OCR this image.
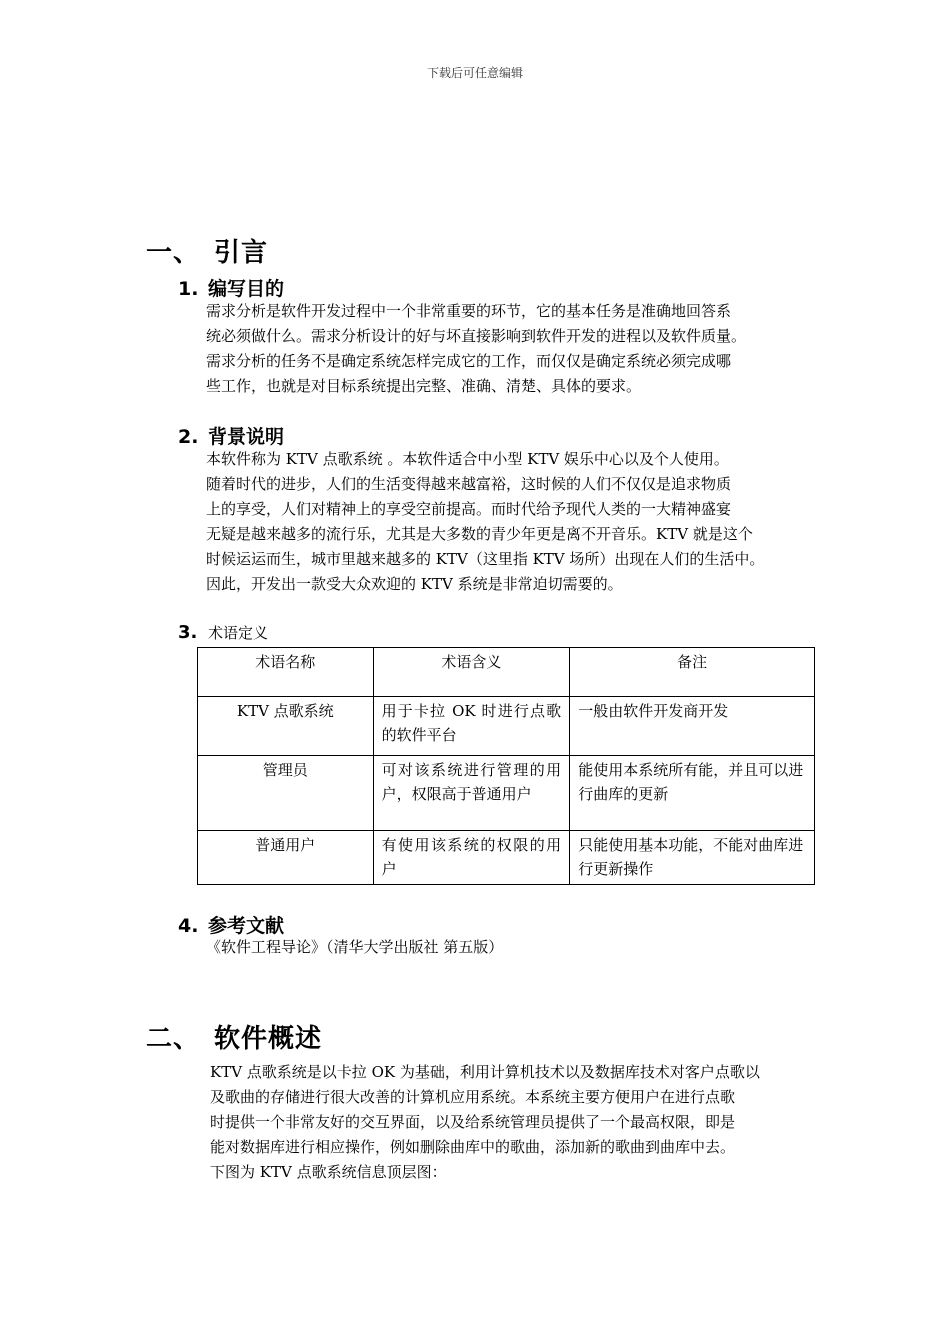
下载后可任意编辑
一、 引言
1. 编写目的

需求分析是软件开发过程中一个非常重要的环节，它的基本任务是准确地回答系

统必须做什么。需求分析设计的好与坏直接影响到软件开发的进程以及软件质量。

需求分析的任务不是确定系统怎样完成它的工作，而仅仅是确定系统必须完成哪

些工作，也就是对目标系统提出完整、准确、清楚、具体的要求。

2. 背景说明

本软件称为 KTV 点歌系统 。本软件适合中小型 KTV 娱乐中心以及个人使用。

随着时代的进步，人们的生活变得越来越富裕，这时候的人们不仅仅是追求物质

上的享受，人们对精神上的享受空前提高。而时代给予现代人类的一大精神盛宴

无疑是越来越多的流行乐，尤其是大多数的青少年更是离不开音乐。KTV 就是这个

时候运运而生，城市里越来越多的 KTV（这里指 KTV 场所）出现在人们的生活中。

因此，开发出一款受大众欢迎的 KTV 系统是非常迫切需要的。

3. 术语定义
术语名称	术语含义	备注
KTV 点歌系统	用于卡拉 OK 时进行点歌的软件平台	一般由软件开发商开发
管理员	可对该系统进行管理的用户，权限高于普通用户	能使用本系统所有能，并且可以进行曲库的更新
普通用户	有使用该系统的权限的用户	只能使用基本功能，不能对曲库进行更新操作
4. 参考文献

《软件工程导论》（清华大学出版社 第五版）

二、 软件概述

KTV 点歌系统是以卡拉 OK 为基础，利用计算机技术以及数据库技术对客户点歌以

及歌曲的存储进行很大改善的计算机应用系统。本系统主要方便用户在进行点歌

时提供一个非常友好的交互界面，以及给系统管理员提供了一个最高权限，即是

能对数据库进行相应操作，例如删除曲库中的歌曲，添加新的歌曲到曲库中去。

下图为 KTV 点歌系统信息顶层图：
